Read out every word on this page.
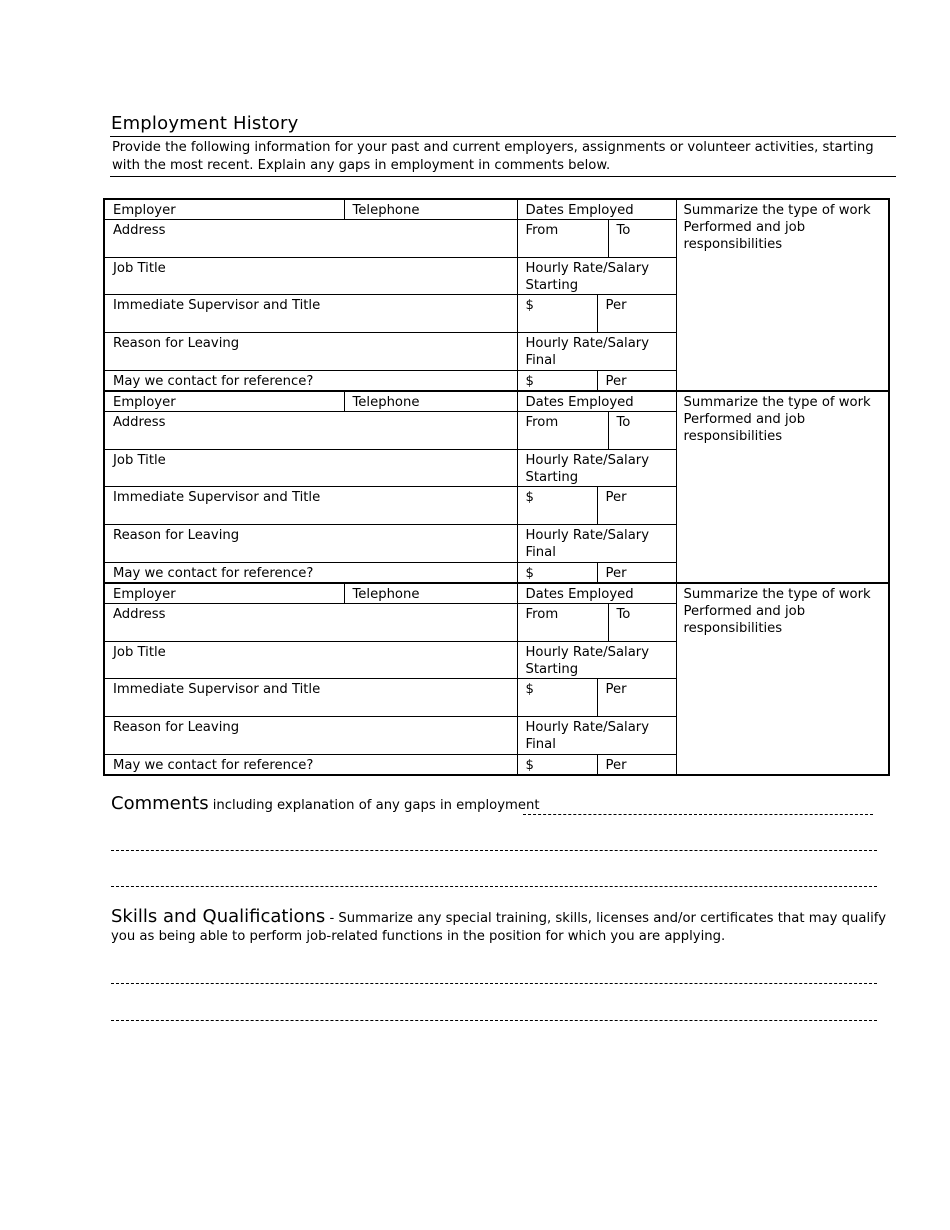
Employment History
Provide the following information for your past and current employers, assignments or volunteer activities, starting with the most recent. Explain any gaps in employment in comments below.
Employer	Telephone	Dates Employed			Summarize the type of work Performed and job responsibilities
Address		From		To	
Job Title		Hourly Rate/Salary Starting			
Immediate Supervisor and Title		$	Per		
Reason for Leaving		Hourly Rate/Salary Final			
May we contact for reference?		$	Per		
Employer	Telephone	Dates Employed			Summarize the type of work Performed and job responsibilities
Address		From		To	
Job Title		Hourly Rate/Salary Starting			
Immediate Supervisor and Title		$	Per		
Reason for Leaving		Hourly Rate/Salary Final			
May we contact for reference?		$	Per		
Employer	Telephone	Dates Employed			Summarize the type of work Performed and job responsibilities
Address		From		To	
Job Title		Hourly Rate/Salary Starting			
Immediate Supervisor and Title		$	Per		
Reason for Leaving		Hourly Rate/Salary Final			
May we contact for reference?		$	Per		
Comments including explanation of any gaps in employment
Skills and Qualifications - Summarize any special training, skills, licenses and/or certificates that may qualify you as being able to perform job-related functions in the position for which you are applying.
